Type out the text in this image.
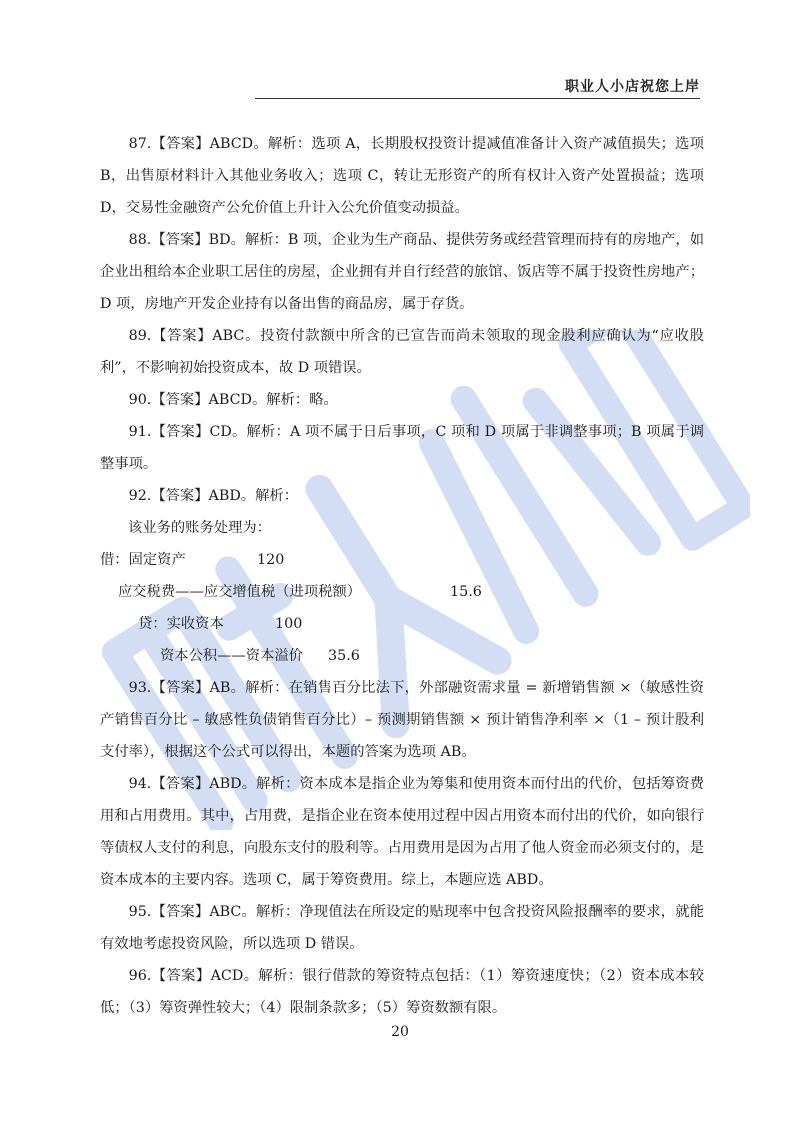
职业人小店祝您上岸

87.【答案】ABCD。解析：选项 A，长期股权投资计提减值准备计入资产减值损失；选项 B，出售原材料计入其他业务收入；选项 C，转让无形资产的所有权计入资产处置损益；选项 D，交易性金融资产公允价值上升计入公允价值变动损益。

88.【答案】BD。解析：B 项，企业为生产商品、提供劳务或经营管理而持有的房地产，如企业出租给本企业职工居住的房屋，企业拥有并自行经营的旅馆、饭店等不属于投资性房地产；D 项，房地产开发企业持有以备出售的商品房，属于存货。

89.【答案】ABC。投资付款额中所含的已宣告而尚未领取的现金股利应确认为“应收股利”，不影响初始投资成本，故 D 项错误。

90.【答案】ABCD。解析：略。

91.【答案】CD。解析：A 项不属于日后事项，C 项和 D 项属于非调整事项；B 项属于调整事项。

92.【答案】ABD。解析：

该业务的账务处理为：
借：固定资产	120
应交税费——应交增值税（进项税额）	15.6
贷：实收资本	100
资本公积——资本溢价 35.6

93.【答案】AB。解析：在销售百分比法下，外部融资需求量 = 新增销售额 ×（敏感性资产销售百分比 – 敏感性负债销售百分比）– 预测期销售额 × 预计销售净利率 ×（1 – 预计股利支付率），根据这个公式可以得出，本题的答案为选项 AB。

94.【答案】ABD。解析：资本成本是指企业为筹集和使用资本而付出的代价，包括筹资费用和占用费用。其中，占用费，是指企业在资本使用过程中因占用资本而付出的代价，如向银行等债权人支付的利息，向股东支付的股利等。占用费用是因为占用了他人资金而必须支付的，是资本成本的主要内容。选项 C，属于筹资费用。综上，本题应选 ABD。

95.【答案】ABC。解析：净现值法在所设定的贴现率中包含投资风险报酬率的要求，就能有效地考虑投资风险，所以选项 D 错误。

96.【答案】ACD。解析：银行借款的筹资特点包括：（1）筹资速度快；（2）资本成本较低；（3）筹资弹性较大；（4）限制条款多；（5）筹资数额有限。

20
